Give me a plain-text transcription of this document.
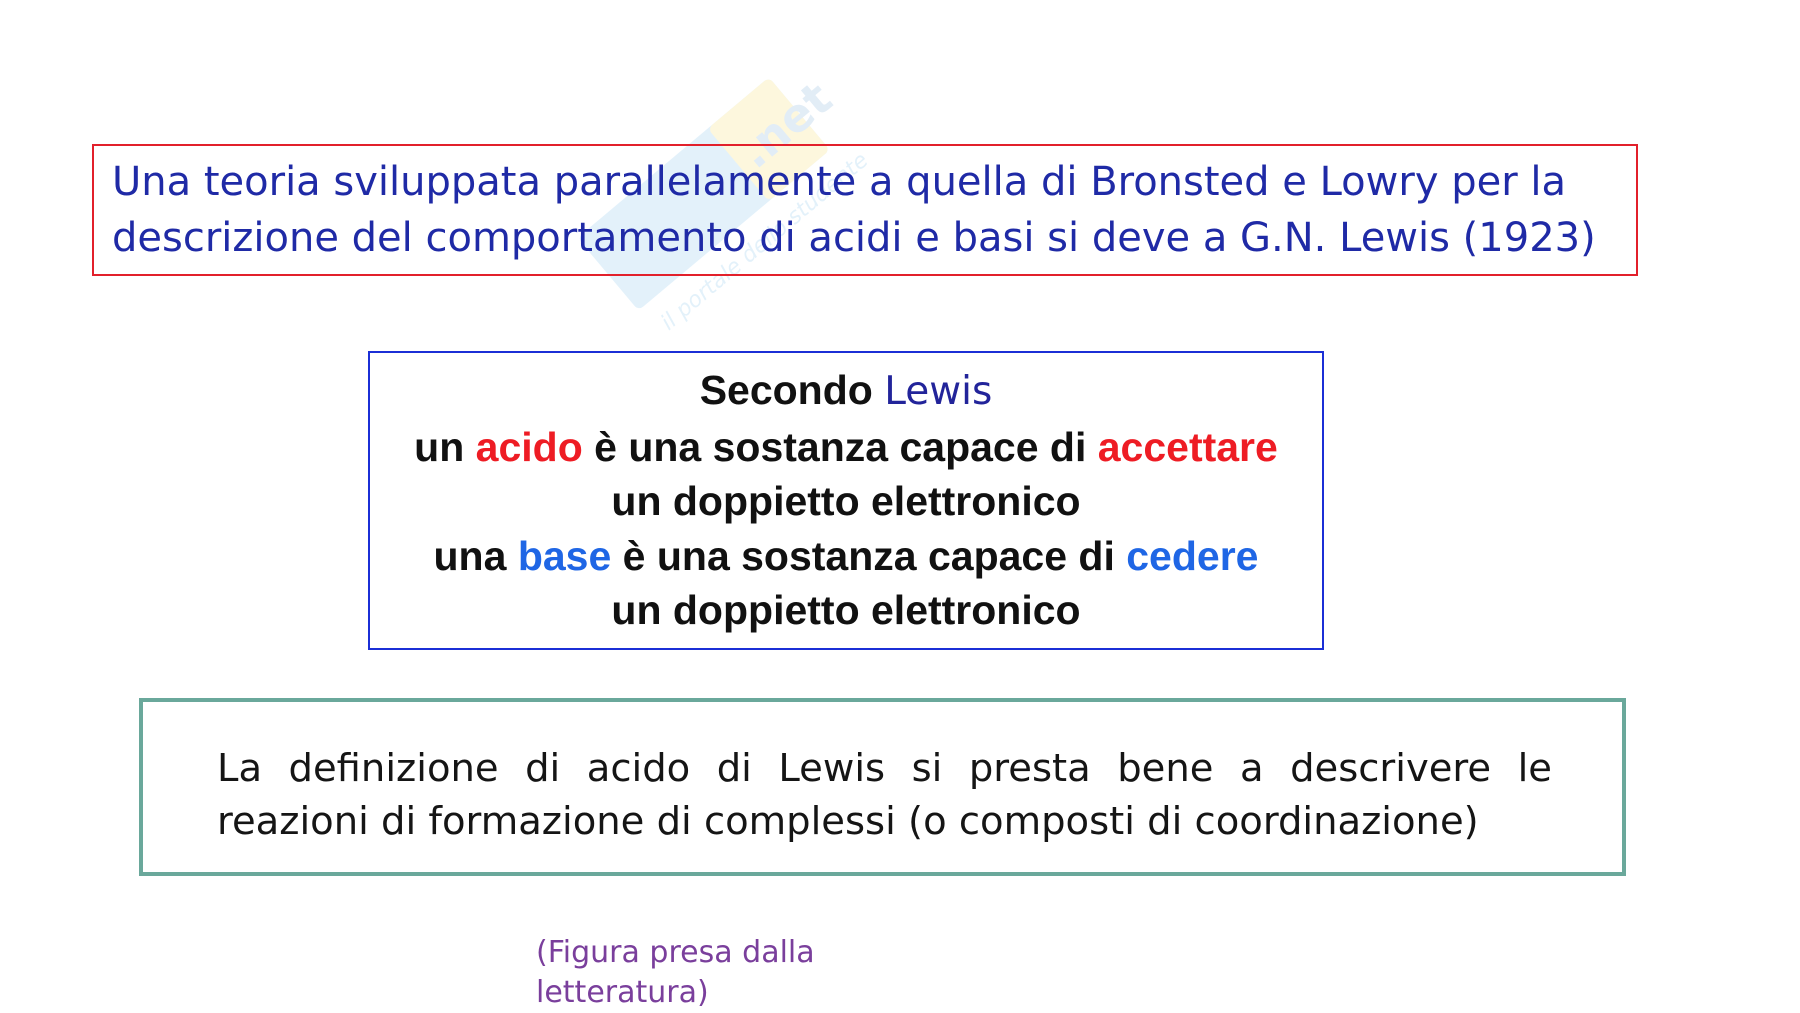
.net
il portale dello studente
Una teoria sviluppata parallelamente a quella di Bronsted e Lowry per la
descrizione del comportamento di acidi e basi si deve a G.N. Lewis (1923)
Secondo Lewis
un acido è una sostanza capace di accettare
un doppietto elettronico
una base è una sostanza capace di cedere
un doppietto elettronico
La definizione di acido di Lewis si presta bene a descrivere le
reazioni di formazione di complessi (o composti di coordinazione)
(Figura presa dalla
letteratura)
